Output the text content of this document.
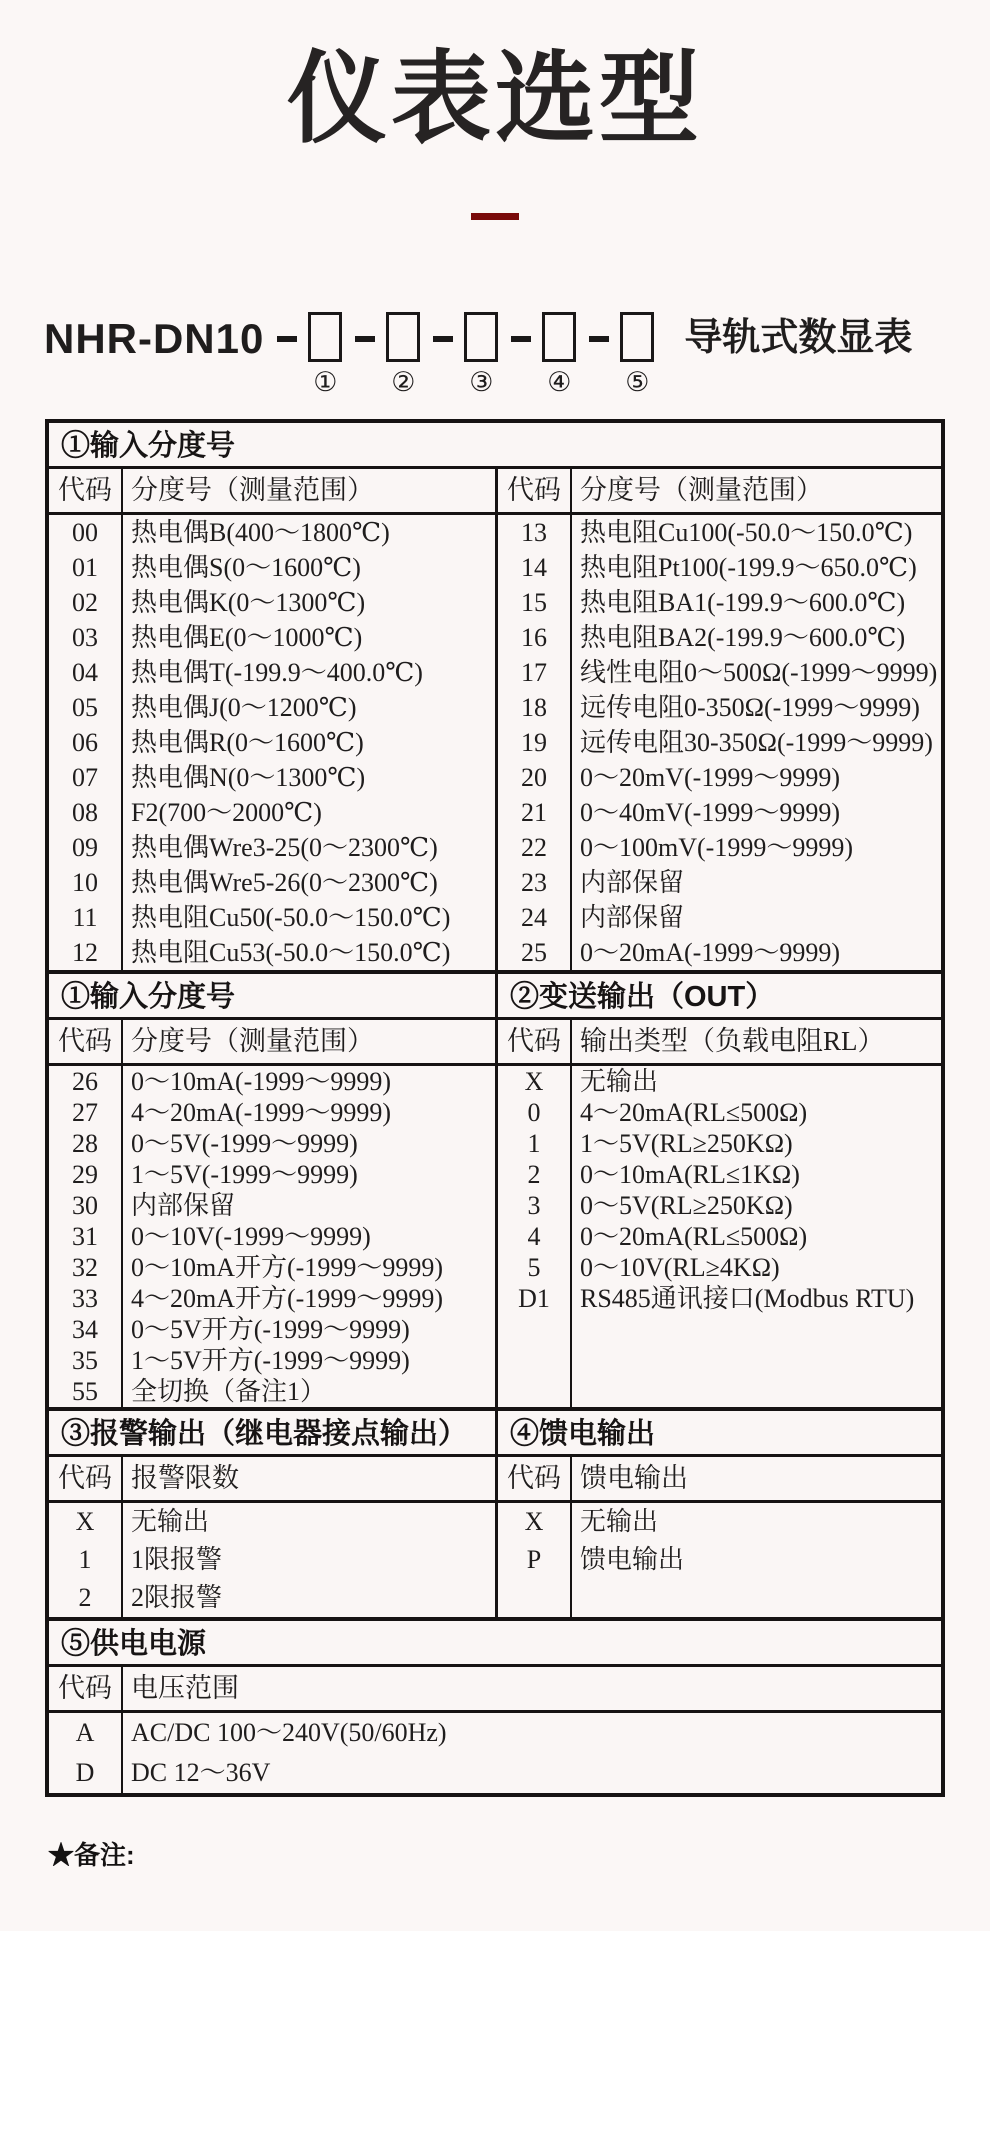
仪表选型
NHR-DN10
① ② ③ ④ ⑤
导轨式数显表
①输入分度号
代码 分度号（测量范围）
00	热电偶B(400～1800℃)
01	热电偶S(0～1600℃)
02	热电偶K(0～1300℃)
03	热电偶E(0～1000℃)
04	热电偶T(-199.9～400.0℃)
05	热电偶J(0～1200℃)
06	热电偶R(0～1600℃)
07	热电偶N(0～1300℃)
08	F2(700～2000℃)
09	热电偶Wre3-25(0～2300℃)
10	热电偶Wre5-26(0～2300℃)
11	热电阻Cu50(-50.0～150.0℃)
12	热电阻Cu53(-50.0～150.0℃)
代码 分度号（测量范围）
13	热电阻Cu100(-50.0～150.0℃)
14	热电阻Pt100(-199.9～650.0℃)
15	热电阻BA1(-199.9～600.0℃)
16	热电阻BA2(-199.9～600.0℃)
17	线性电阻0～500Ω(-1999～9999)
18	远传电阻0-350Ω(-1999～9999)
19	远传电阻30-350Ω(-1999～9999)
20	0～20mV(-1999～9999)
21	0～40mV(-1999～9999)
22	0～100mV(-1999～9999)
23	内部保留
24	内部保留
25	0～20mA(-1999～9999)
①输入分度号
代码 分度号（测量范围）
26	0～10mA(-1999～9999)
27	4～20mA(-1999～9999)
28	0～5V(-1999～9999)
29	1～5V(-1999～9999)
30	内部保留
31	0～10V(-1999～9999)
32	0～10mA开方(-1999～9999)
33	4～20mA开方(-1999～9999)
34	0～5V开方(-1999～9999)
35	1～5V开方(-1999～9999)
55	全切换（备注1）
②变送输出（OUT）
代码 输出类型（负载电阻RL）
X	无输出
0	4～20mA(RL≤500Ω)
1	1～5V(RL≥250KΩ)
2	0～10mA(RL≤1KΩ)
3	0～5V(RL≥250KΩ)
4	0～20mA(RL≤500Ω)
5	0～10V(RL≥4KΩ)
D1	RS485通讯接口(Modbus RTU)
③报警输出（继电器接点输出）
代码 报警限数
X	无输出
1	1限报警
2	2限报警
④馈电输出
代码 馈电输出
X	无输出
P	馈电输出
⑤供电电源
代码 电压范围
A	AC/DC 100～240V(50/60Hz)
D	DC 12～36V
★备注:
